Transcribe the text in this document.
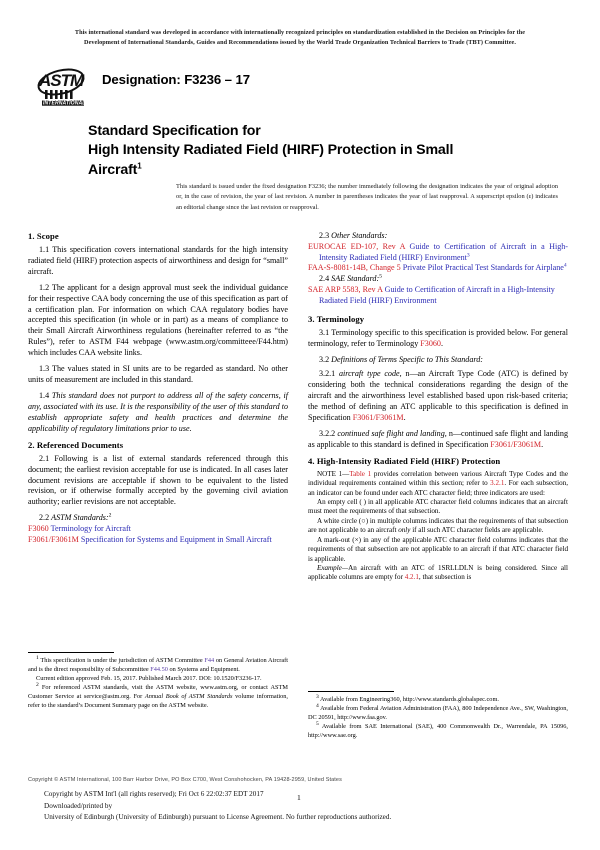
This international standard was developed in accordance with internationally recognized principles on standardization established in the Decision on Principles for the
Development of International Standards, Guides and Recommendations issued by the World Trade Organization Technical Barriers to Trade (TBT) Committee.
ASTM
INTERNATIONAL
Designation: F3236 – 17
Standard Specification for
High Intensity Radiated Field (HIRF) Protection in Small
Aircraft$^1$
This standard is issued under the fixed designation F3236; the number immediately following the designation indicates the year of original adoption or, in the case of revision, the year of last revision. A number in parentheses indicates the year of last reapproval. A superscript epsilon (ε) indicates an editorial change since the last revision or reapproval.
1. Scope

1.1 This specification covers international standards for the high intensity radiated field (HIRF) protection aspects of airworthiness and design for “small” aircraft.

1.2 The applicant for a design approval must seek the individual guidance for their respective CAA body concerning the use of this specification as part of a certification plan. For information on which CAA regulatory bodies have accepted this specification (in whole or in part) as a means of compliance to their Small Aircraft Airworthiness regulations (hereinafter referred to as “the Rules”), refer to ASTM F44 webpage (www.astm.org/committeee/F44.htm) which includes CAA website links.

1.3 The values stated in SI units are to be regarded as standard. No other units of measurement are included in this standard.

1.4 This standard does not purport to address all of the safety concerns, if any, associated with its use. It is the responsibility of the user of this standard to establish appropriate safety and health practices and determine the applicability of regulatory limitations prior to use.

2. Referenced Documents

2.1 Following is a list of external standards referenced through this document; the earliest revision acceptable for use is indicated. In all cases later document revisions are acceptable if shown to be equivalent to the listed revision, or if otherwise formally accepted by the governing civil aviation authority; earlier revisions are not acceptable.

2.2 ASTM Standards:$^2$

F3060 Terminology for Aircraft

F3061/F3061M Specification for Systems and Equipment in Small Aircraft

2.3 Other Standards:

EUROCAE ED-107, Rev A Guide to Certification of Aircraft in a High-Intensity Radiated Field (HIRF) Environment$^3$

FAA-S-8081-14B, Change 5 Private Pilot Practical Test Standards for Airplane$^4$

2.4 SAE Standard:$^5$

SAE ARP 5583, Rev A Guide to Certification of Aircraft in a High-Intensity Radiated Field (HIRF) Environment

3. Terminology

3.1 Terminology specific to this specification is provided below. For general terminology, refer to Terminology F3060.

3.2 Definitions of Terms Specific to This Standard:

3.2.1 aircraft type code, n—an Aircraft Type Code (ATC) is defined by considering both the technical considerations regarding the design of the aircraft and the airworthiness level established based upon risk-based criteria; the method of defining an ATC applicable to this specification is defined in Specification F3061/F3061M.

3.2.2 continued safe flight and landing, n—continued safe flight and landing as applicable to this standard is defined in Specification F3061/F3061M.

4. High-Intensity Radiated Field (HIRF) Protection

NOTE 1—Table 1 provides correlation between various Aircraft Type Codes and the individual requirements contained within this section; refer to 3.2.1. For each subsection, an indicator can be found under each ATC character field; three indicators are used:

An empty cell ( ) in all applicable ATC character field columns indicates that an aircraft must meet the requirements of that subsection.

A white circle (○) in multiple columns indicates that the requirements of that subsection are not applicable to an aircraft only if all such ATC character fields are applicable.

A mark-out (×) in any of the applicable ATC character field columns indicates that the requirements of that subsection are not applicable to an aircraft if that ATC character field is applicable.

Example—An aircraft with an ATC of 1SRLLDLN is being considered. Since all applicable columns are empty for 4.2.1, that subsection is

$^1$ This specification is under the jurisdiction of ASTM Committee F44 on General Aviation Aircraft and is the direct responsibility of Subcommittee F44.50 on Systems and Equipment.

Current edition approved Feb. 15, 2017. Published March 2017. DOI: 10.1520/F3236-17.

$^2$ For referenced ASTM standards, visit the ASTM website, www.astm.org, or contact ASTM Customer Service at service@astm.org. For Annual Book of ASTM Standards volume information, refer to the standard’s Document Summary page on the ASTM website.

$^3$ Available from Engineering360, http://www.standards.globalspec.com.

$^4$ Available from Federal Aviation Administration (FAA), 800 Independence Ave., SW, Washington, DC 20591, http://www.faa.gov.

$^5$ Available from SAE International (SAE), 400 Commonwealth Dr., Warrendale, PA 15096, http://www.sae.org.

Copyright © ASTM International, 100 Barr Harbor Drive, PO Box C700, West Conshohocken, PA 19428-2959, United States
Copyright by ASTM Int'l (all rights reserved); Fri Oct 6 22:02:37 EDT 2017
Downloaded/printed by
University of Edinburgh (University of Edinburgh) pursuant to License Agreement. No further reproductions authorized.
1
